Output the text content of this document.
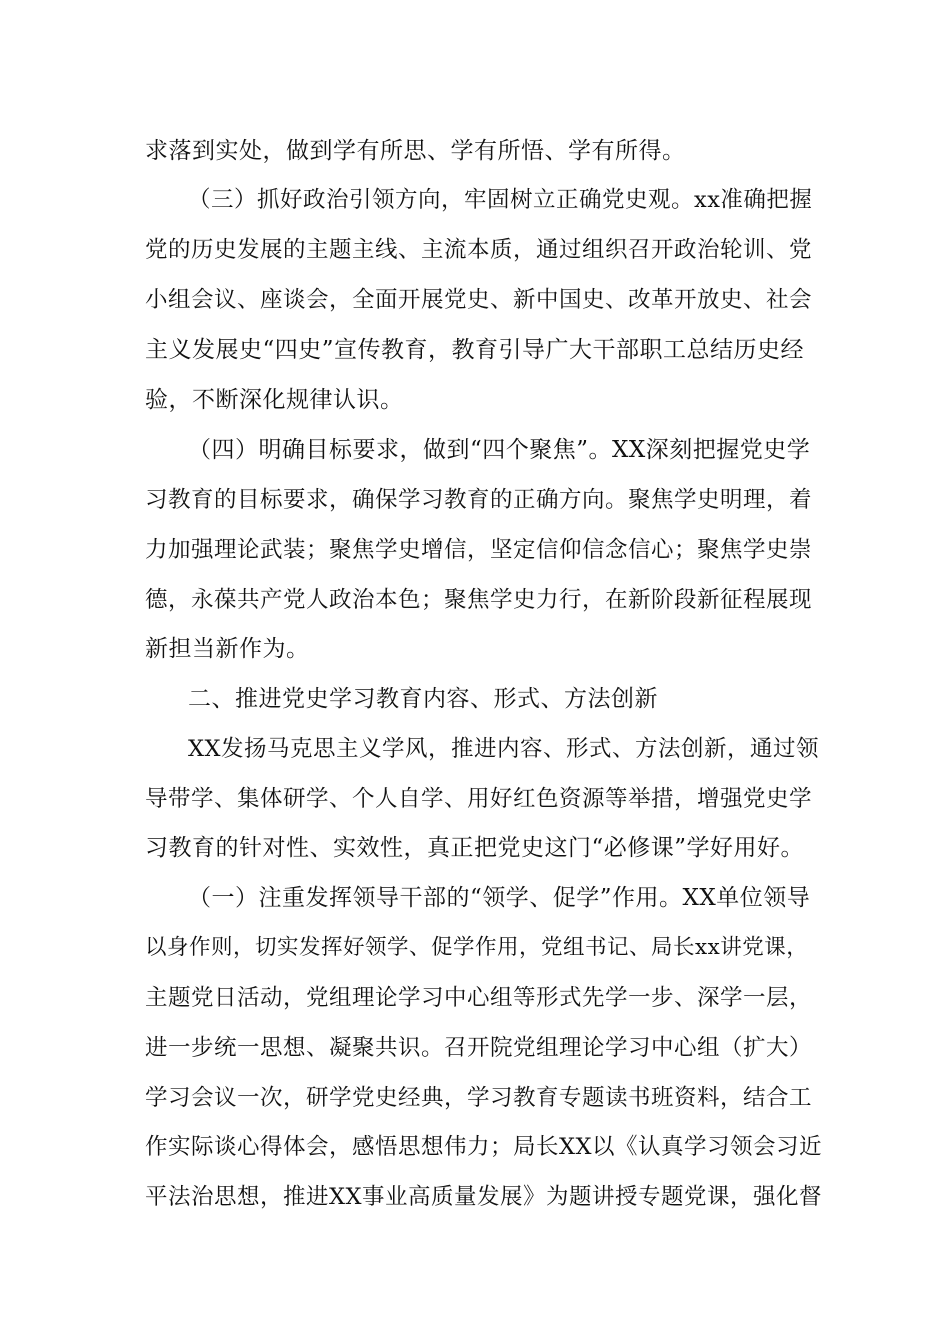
求落到实处，做到学有所思、学有所悟、学有所得。
（三）抓好政治引领方向，牢固树立正确党史观。xx准确把握
党的历史发展的主题主线、主流本质，通过组织召开政治轮训、党
小组会议、座谈会，全面开展党史、新中国史、改革开放史、社会
主义发展史“四史”宣传教育，教育引导广大干部职工总结历史经
验，不断深化规律认识。
（四）明确目标要求，做到“四个聚焦”。XX深刻把握党史学
习教育的目标要求，确保学习教育的正确方向。聚焦学史明理，着
力加强理论武装；聚焦学史增信，坚定信仰信念信心；聚焦学史崇
德，永葆共产党人政治本色；聚焦学史力行，在新阶段新征程展现
新担当新作为。
二、推进党史学习教育内容、形式、方法创新
XX发扬马克思主义学风，推进内容、形式、方法创新，通过领
导带学、集体研学、个人自学、用好红色资源等举措，增强党史学
习教育的针对性、实效性，真正把党史这门“必修课”学好用好。
（一）注重发挥领导干部的“领学、促学”作用。XX单位领导
以身作则，切实发挥好领学、促学作用，党组书记、局长xx讲党课，
主题党日活动，党组理论学习中心组等形式先学一步、深学一层，
进一步统一思想、凝聚共识。召开院党组理论学习中心组（扩大）
学习会议一次，研学党史经典，学习教育专题读书班资料，结合工
作实际谈心得体会，感悟思想伟力；局长XX以《认真学习领会习近
平法治思想，推进XX事业高质量发展》为题讲授专题党课，强化督
